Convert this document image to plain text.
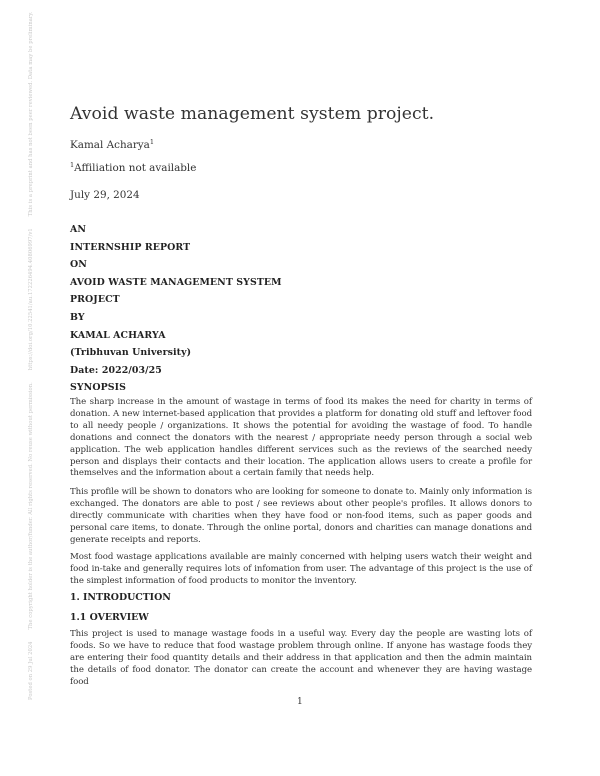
Posted on 29 Jul 2024
The copyright holder is the author/funder. All rights reserved. No reuse without permission.
https://doi.org/10.22541/au.172226494.40806997/v1
This is a preprint and has not been peer reviewed. Data may be preliminary. Avoid waste management system project.
Kamal Acharya$^1$
$^1$Affiliation not available
July 29, 2024
AN
INTERNSHIP REPORT
ON
AVOID WASTE MANAGEMENT SYSTEM
PROJECT
BY
KAMAL ACHARYA
(Tribhuvan University)
Date: 2022/03/25
SYNOPSIS

The sharp increase in the amount of wastage in terms of food its makes the need for charity in terms of donation. A new internet-based application that provides a platform for donating old stuff and leftover food to all needy people / organizations. It shows the potential for avoiding the wastage of food. To handle donations and connect the donators with the nearest / appropriate needy person through a social web application. The web application handles different services such as the reviews of the searched needy person and displays their contacts and their location. The application allows users to create a profile for themselves and the information about a certain family that needs help.

This profile will be shown to donators who are looking for someone to donate to. Mainly only information is exchanged. The donators are able to post / see reviews about other people's profiles. It allows donors to directly communicate with charities when they have food or non-food items, such as paper goods and personal care items, to donate. Through the online portal, donors and charities can manage donations and generate receipts and reports.

Most food wastage applications available are mainly concerned with helping users watch their weight and food in-take and generally requires lots of infomation from user. The advantage of this project is the use of the simplest information of food products to monitor the inventory.

1. INTRODUCTION
1.1 OVERVIEW

This project is used to manage wastage foods in a useful way. Every day the people are wasting lots of foods. So we have to reduce that food wastage problem through online. If anyone has wastage foods they are entering their food quantity details and their address in that application and then the admin maintain the details of food donator. The donator can create the account and whenever they are having wastage food

1
